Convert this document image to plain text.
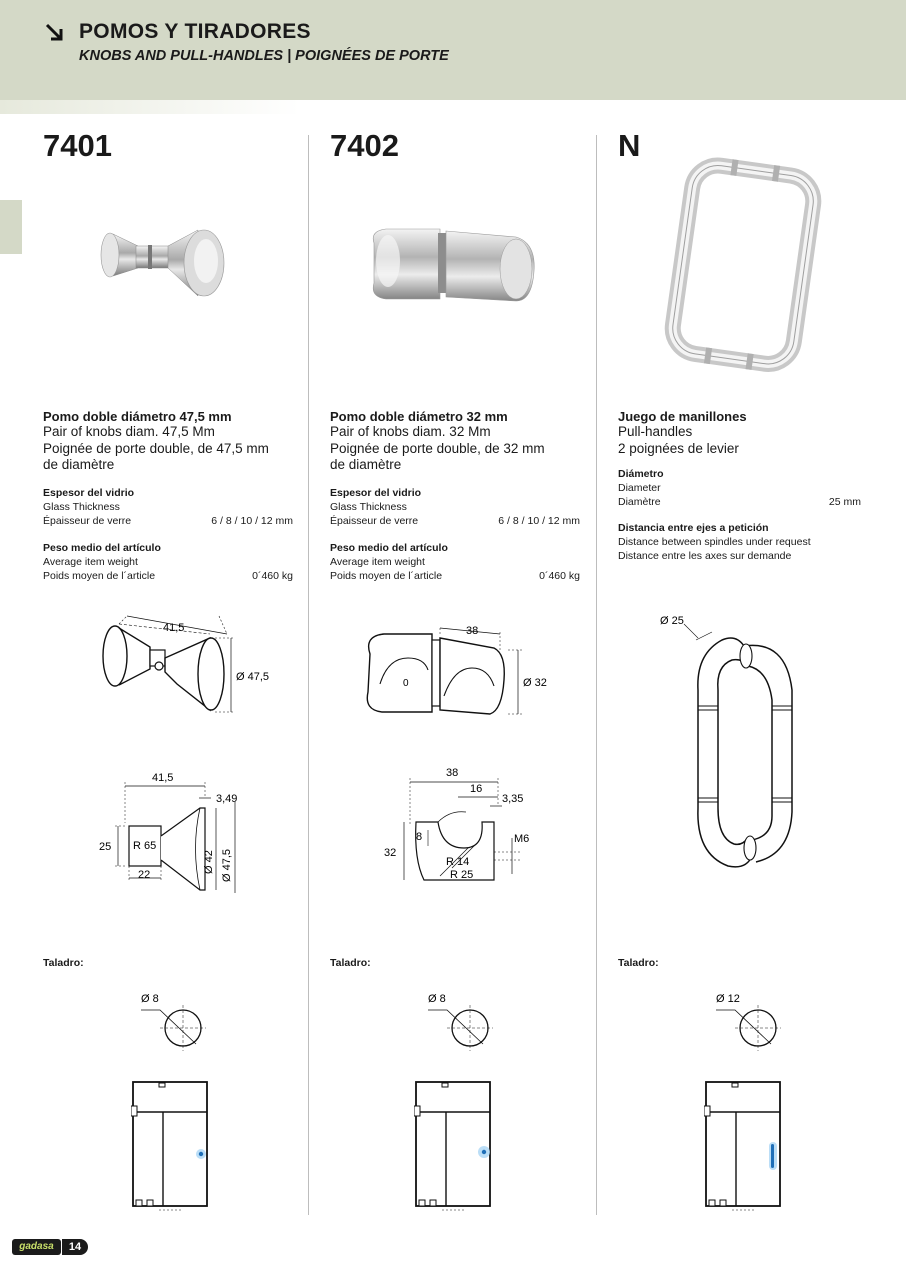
POMOS Y TIRADORES
KNOBS AND PULL-HANDLES | POIGNÉES DE PORTE
7401
Pomo doble diámetro 47,5 mm
Pair of knobs diam. 47,5 Mm
Poignée de porte double, de 47,5 mm
de diamètre
Espesor del vidrio
Glass Thickness
Épaisseur de verre	6 / 8 / 10 / 12 mm
Peso medio del artículo
Average item weight
Poids moyen de l´article	0´460 kg
41,5
Ø 47,5
41,5
3,49
25 R 65
Ø 42 Ø 47,5
22
Taladro:
Ø 8
7402
Pomo doble diámetro 32 mm
Pair of knobs diam. 32 Mm
Poignée de porte double, de 32 mm
de diamètre
Espesor del vidrio
Glass Thickness
Épaisseur de verre	6 / 8 / 10 / 12 mm
Peso medio del artículo
Average item weight
Poids moyen de l´article	0´460 kg
0
38
Ø 32
38
16
3,35
8	M6
32
R 14
R 25
Taladro:
Ø 8
N
Juego de manillones
Pull-handles
2 poignées de levier
Diámetro
Diameter
Diamètre	25 mm
Distancia entre ejes a petición
Distance between spindles under request
Distance entre les axes sur demande
Ø 25
Taladro:
Ø 12
gadasa	14
